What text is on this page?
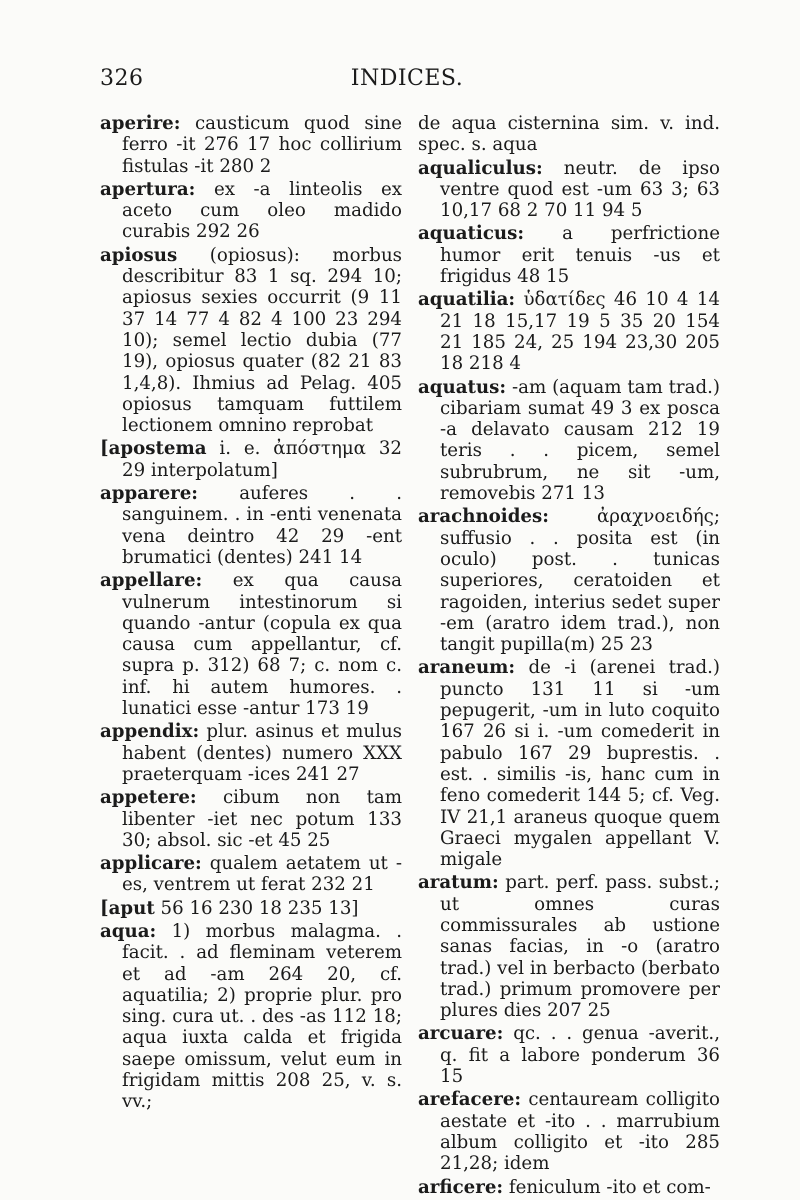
326	INDICES.

aperire: causticum quod sine ferro -it 276 17 hoc collirium fistulas -it 280 2

apertura: ex -a linteolis ex aceto cum oleo madido curabis 292 26

apiosus (opiosus): morbus describitur 83 1 sq. 294 10; apiosus sexies occurrit (9 11 37 14 77 4 82 4 100 23 294 10); semel lectio dubia (77 19), opiosus quater (82 21 83 1,4,8). Ihmius ad Pelag. 405 opiosus tamquam futtilem lectionem omnino reprobat

[apostema i. e. ἀπόστημα 32 29 interpolatum]

apparere: auferes . . sanguinem. . in -enti venenata vena deintro 42 29 -ent brumatici (dentes) 241 14

appellare: ex qua causa vulnerum intestinorum si quando -antur (copula ex qua causa cum appellantur, cf. supra p. 312) 68 7; c. nom c. inf. hi autem humores. . lunatici esse -antur 173 19

appendix: plur. asinus et mulus habent (dentes) numero XXX praeterquam -ices 241 27

appetere: cibum non tam libenter -iet nec potum 133 30; absol. sic -et 45 25

applicare: qualem aetatem ut -es, ventrem ut ferat 232 21

[aput 56 16 230 18 235 13]

aqua: 1) morbus malagma. . facit. . ad fleminam veterem et ad -am 264 20, cf. aquatilia; 2) proprie plur. pro sing. cura ut. . des -as 112 18; aqua iuxta calda et frigida saepe omissum, velut eum in frigidam mittis 208 25, v. s. vv.;

de aqua cisternina sim. v. ind. spec. s. aqua

aqualiculus: neutr. de ipso ventre quod est -um 63 3; 63 10,17 68 2 70 11 94 5

aquaticus: a perfrictione humor erit tenuis -us et frigidus 48 15

aquatilia: ὑδατίδες 46 10 4 14 21 18 15,17 19 5 35 20 154 21 185 24, 25 194 23,30 205 18 218 4

aquatus: -am (aquam tam trad.) cibariam sumat 49 3 ex posca -a delavato causam 212 19 teris . . picem, semel subrubrum, ne sit -um, removebis 271 13

arachnoides: ἀραχνοειδής; suffusio . . posita est (in oculo) post. . tunicas superiores, ceratoiden et ragoiden, interius sedet super -em (aratro idem trad.), non tangit pupilla(m) 25 23

araneum: de -i (arenei trad.) puncto 131 11 si -um pepugerit, -um in luto coquito 167 26 si i. -um comederit in pabulo 167 29 buprestis. . est. . similis -is, hanc cum in feno comederit 144 5; cf. Veg. IV 21,1 araneus quoque quem Graeci mygalen appellant V. migale

aratum: part. perf. pass. subst.; ut omnes curas commissurales ab ustione sanas facias, in -o (aratro trad.) vel in berbacto (berbato trad.) primum promovere per plures dies 207 25

arcuare: qc. . . genua -averit., q. fit a labore ponderum 36 15

arefacere: centauream colligito aestate et -ito . . marrubium album colligito et -ito 285 21,28; idem

arficere: feniculum -ito et com-
